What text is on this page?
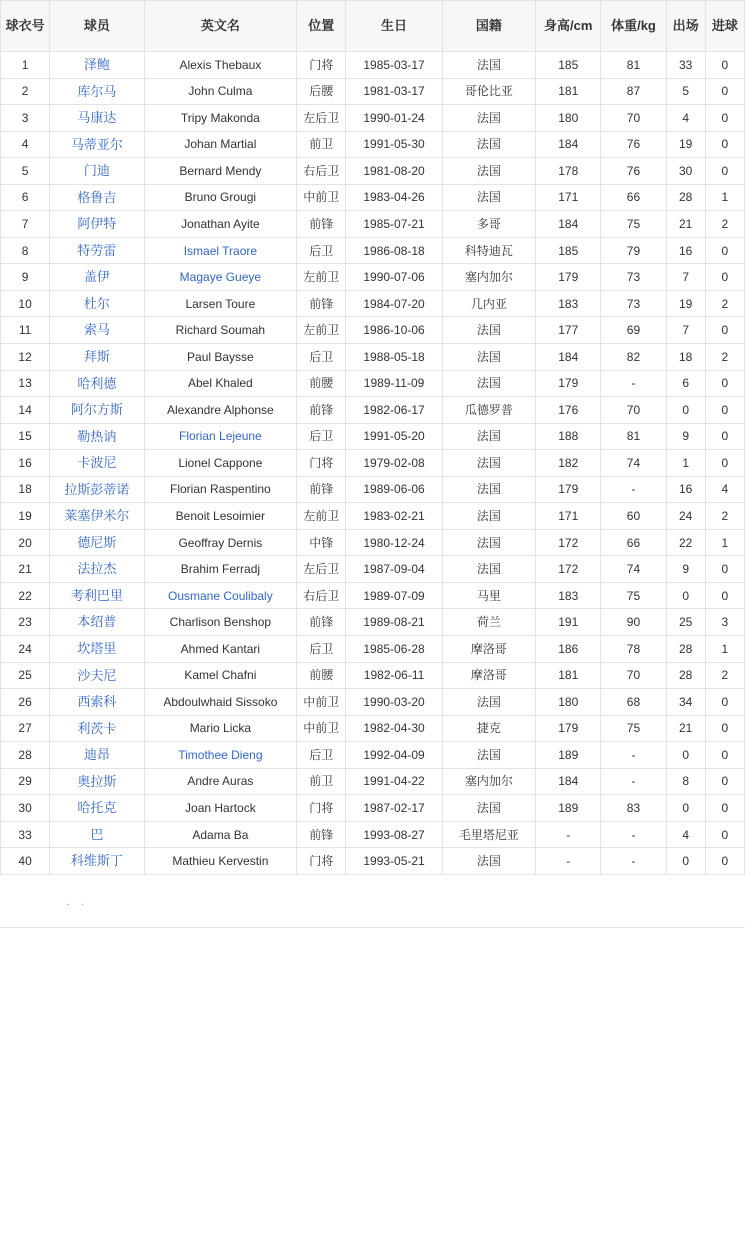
球衣号	球员	英文名	位置	生日	国籍	身高/cm	体重/kg	出场	进球
1	泽鲍	Alexis Thebaux	门将	1985-03-17	法国	185	81	33	0
2	库尔马	John Culma	后腰	1981-03-17	哥伦比亚	181	87	5	0
3	马康达	Tripy Makonda	左后卫	1990-01-24	法国	180	70	4	0
4	马蒂亚尔	Johan Martial	前卫	1991-05-30	法国	184	76	19	0
5	门迪	Bernard Mendy	右后卫	1981-08-20	法国	178	76	30	0
6	格鲁吉	Bruno Grougi	中前卫	1983-04-26	法国	171	66	28	1
7	阿伊特	Jonathan Ayite	前锋	1985-07-21	多哥	184	75	21	2
8	特劳雷	Ismael Traore	后卫	1986-08-18	科特迪瓦	185	79	16	0
9	盖伊	Magaye Gueye	左前卫	1990-07-06	塞内加尔	179	73	7	0
10	杜尔	Larsen Toure	前锋	1984-07-20	几内亚	183	73	19	2
11	索马	Richard Soumah	左前卫	1986-10-06	法国	177	69	7	0
12	拜斯	Paul Baysse	后卫	1988-05-18	法国	184	82	18	2
13	哈利德	Abel Khaled	前腰	1989-11-09	法国	179	-	6	0
14	阿尔方斯	Alexandre Alphonse	前锋	1982-06-17	瓜德罗普	176	70	0	0
15	勒热讷	Florian Lejeune	后卫	1991-05-20	法国	188	81	9	0
16	卡波尼	Lionel Cappone	门将	1979-02-08	法国	182	74	1	0
18	拉斯彭蒂诺	Florian Raspentino	前锋	1989-06-06	法国	179	-	16	4
19	莱塞伊米尔	Benoit Lesoimier	左前卫	1983-02-21	法国	171	60	24	2
20	德尼斯	Geoffray Dernis	中锋	1980-12-24	法国	172	66	22	1
21	法拉杰	Brahim Ferradj	左后卫	1987-09-04	法国	172	74	9	0
22	考利巴里	Ousmane Coulibaly	右后卫	1989-07-09	马里	183	75	0	0
23	本绍普	Charlison Benshop	前锋	1989-08-21	荷兰	191	90	25	3
24	坎塔里	Ahmed Kantari	后卫	1985-06-28	摩洛哥	186	78	28	1
25	沙夫尼	Kamel Chafni	前腰	1982-06-11	摩洛哥	181	70	28	2
26	西索科	Abdoulwhaid Sissoko	中前卫	1990-03-20	法国	180	68	34	0
27	利茨卡	Mario Licka	中前卫	1982-04-30	捷克	179	75	21	0
28	迪昂	Timothee Dieng	后卫	1992-04-09	法国	189	-	0	0
29	奥拉斯	Andre Auras	前卫	1991-04-22	塞内加尔	184	-	8	0
30	哈托克	Joan Hartock	门将	1987-02-17	法国	189	83	0	0
33	巴	Adama Ba	前锋	1993-08-27	毛里塔尼亚	-	-	4	0
40	科维斯丁	Mathieu Kervestin	门将	1993-05-21	法国	-	-	0	0
. .
